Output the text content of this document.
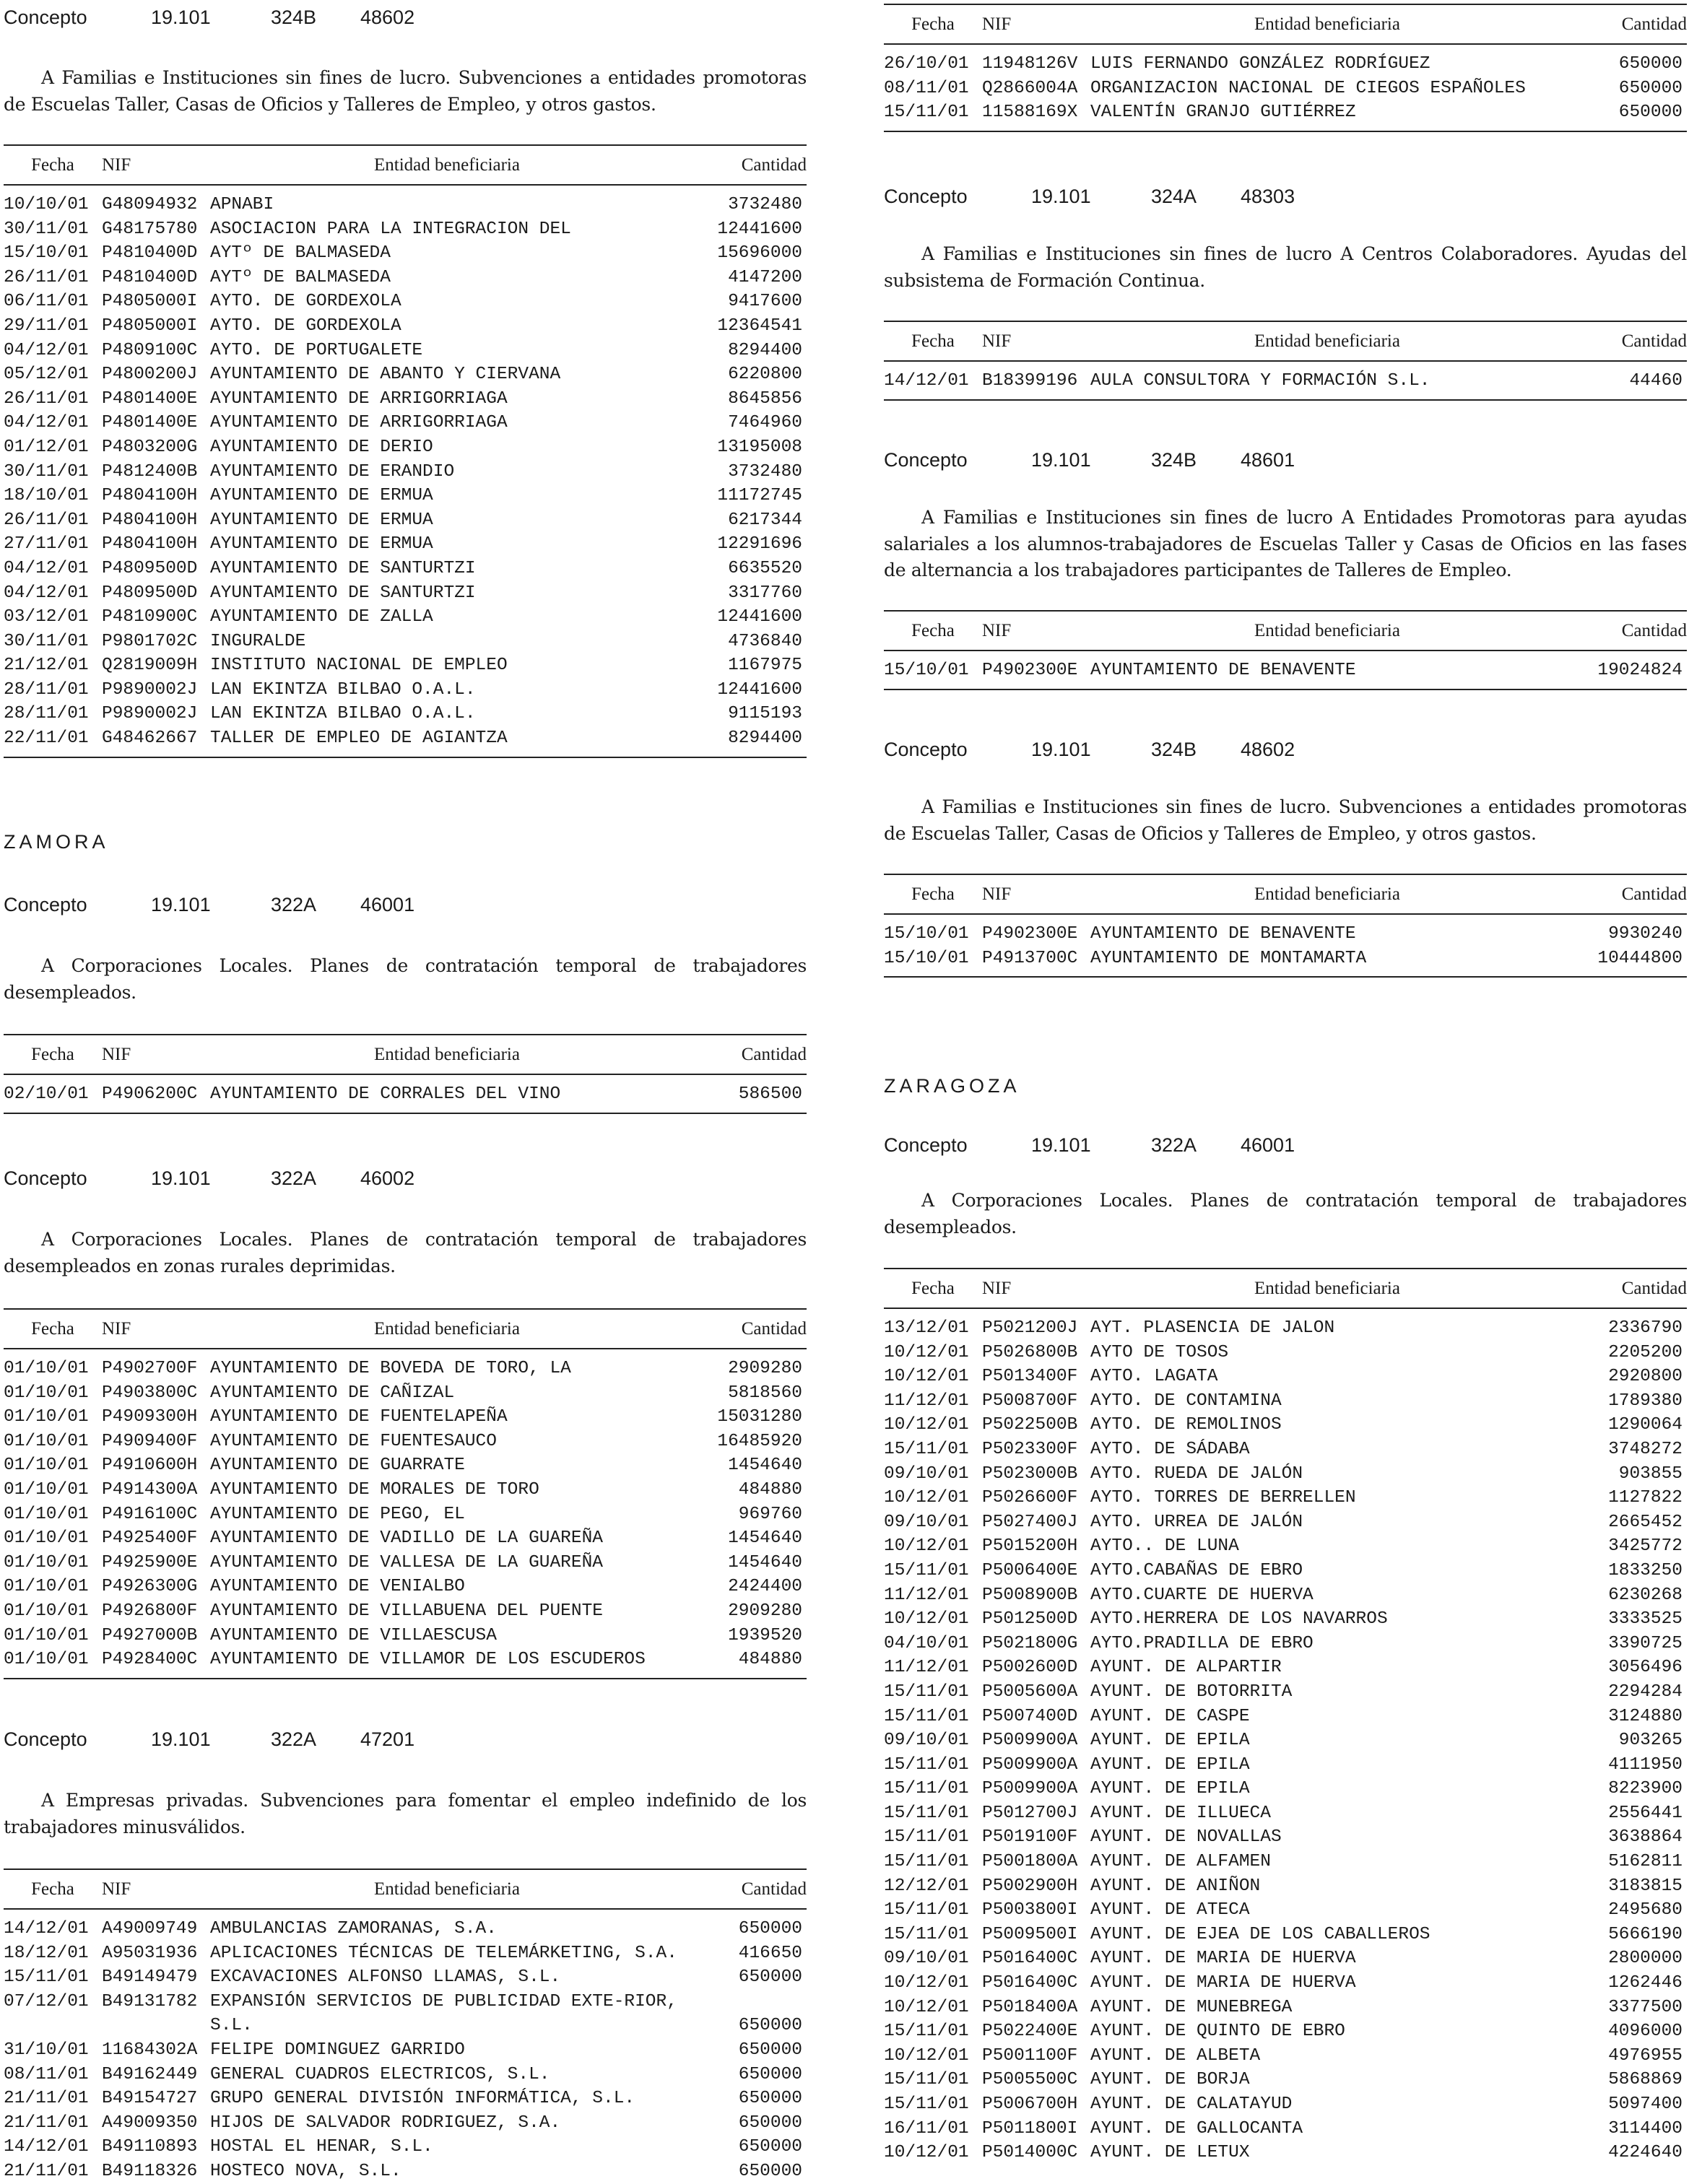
Concepto	19.101	324B 48602
A Familias e Instituciones sin fines de lucro. Subvenciones a entidades promotoras de Escuelas Taller, Casas de Oficios y Talleres de Empleo, y otros gastos.
Fecha	NIF	Entidad beneficiaria	Cantidad

10/10/01	G48094932	APNABI	3732480
30/11/01	G48175780	ASOCIACION PARA LA INTEGRACION DEL	12441600
15/10/01	P4810400D	AYTº DE BALMASEDA	15696000
26/11/01	P4810400D	AYTº DE BALMASEDA	4147200
06/11/01	P4805000I	AYTO. DE GORDEXOLA	9417600
29/11/01	P4805000I	AYTO. DE GORDEXOLA	12364541
04/12/01	P4809100C	AYTO. DE PORTUGALETE	8294400
05/12/01	P4800200J	AYUNTAMIENTO DE ABANTO Y CIERVANA	6220800
26/11/01	P4801400E	AYUNTAMIENTO DE ARRIGORRIAGA	8645856
04/12/01	P4801400E	AYUNTAMIENTO DE ARRIGORRIAGA	7464960
01/12/01	P4803200G	AYUNTAMIENTO DE DERIO	13195008
30/11/01	P4812400B	AYUNTAMIENTO DE ERANDIO	3732480
18/10/01	P4804100H	AYUNTAMIENTO DE ERMUA	11172745
26/11/01	P4804100H	AYUNTAMIENTO DE ERMUA	6217344
27/11/01	P4804100H	AYUNTAMIENTO DE ERMUA	12291696
04/12/01	P4809500D	AYUNTAMIENTO DE SANTURTZI	6635520
04/12/01	P4809500D	AYUNTAMIENTO DE SANTURTZI	3317760
03/12/01	P4810900C	AYUNTAMIENTO DE ZALLA	12441600
30/11/01	P9801702C	INGURALDE	4736840
21/12/01	Q2819009H	INSTITUTO NACIONAL DE EMPLEO	1167975
28/11/01	P9890002J	LAN EKINTZA BILBAO O.A.L.	12441600
28/11/01	P9890002J	LAN EKINTZA BILBAO O.A.L.	9115193
22/11/01	G48462667	TALLER DE EMPLEO DE AGIANTZA	8294400

ZAMORA
Concepto	19.101	322A 46001
A Corporaciones Locales. Planes de contratación temporal de trabajadores desempleados.
Fecha	NIF	Entidad beneficiaria	Cantidad

02/10/01	P4906200C	AYUNTAMIENTO DE CORRALES DEL VINO	586500

Concepto	19.101	322A 46002
A Corporaciones Locales. Planes de contratación temporal de trabajadores desempleados en zonas rurales deprimidas.
Fecha	NIF	Entidad beneficiaria	Cantidad

01/10/01	P4902700F	AYUNTAMIENTO DE BOVEDA DE TORO, LA	2909280
01/10/01	P4903800C	AYUNTAMIENTO DE CAÑIZAL	5818560
01/10/01	P4909300H	AYUNTAMIENTO DE FUENTELAPEÑA	15031280
01/10/01	P4909400F	AYUNTAMIENTO DE FUENTESAUCO	16485920
01/10/01	P4910600H	AYUNTAMIENTO DE GUARRATE	1454640
01/10/01	P4914300A	AYUNTAMIENTO DE MORALES DE TORO	484880
01/10/01	P4916100C	AYUNTAMIENTO DE PEGO, EL	969760
01/10/01	P4925400F	AYUNTAMIENTO DE VADILLO DE LA GUAREÑA	1454640
01/10/01	P4925900E	AYUNTAMIENTO DE VALLESA DE LA GUAREÑA	1454640
01/10/01	P4926300G	AYUNTAMIENTO DE VENIALBO	2424400
01/10/01	P4926800F	AYUNTAMIENTO DE VILLABUENA DEL PUENTE	2909280
01/10/01	P4927000B	AYUNTAMIENTO DE VILLAESCUSA	1939520
01/10/01	P4928400C	AYUNTAMIENTO DE VILLAMOR DE LOS ESCUDEROS	484880

Concepto	19.101	322A 47201
A Empresas privadas. Subvenciones para fomentar el empleo indefinido de los trabajadores minusválidos.
Fecha	NIF	Entidad beneficiaria	Cantidad

14/12/01	A49009749	AMBULANCIAS ZAMORANAS, S.A.	650000
18/12/01	A95031936	APLICACIONES TÉCNICAS DE TELEMÁRKETING, S.A.	416650
15/11/01	B49149479	EXCAVACIONES ALFONSO LLAMAS, S.L.	650000
07/12/01	B49131782	EXPANSIÓN SERVICIOS DE PUBLICIDAD EXTE-RIOR, S.L.	650000
31/10/01	11684302A	FELIPE DOMINGUEZ GARRIDO	650000
08/11/01	B49162449	GENERAL CUADROS ELECTRICOS, S.L.	650000
21/11/01	B49154727	GRUPO GENERAL DIVISIÓN INFORMÁTICA, S.L.	650000
21/11/01	A49009350	HIJOS DE SALVADOR RODRIGUEZ, S.A.	650000
14/12/01	B49110893	HOSTAL EL HENAR, S.L.	650000
21/11/01	B49118326	HOSTECO NOVA, S.L.	650000
Fecha	NIF	Entidad beneficiaria	Cantidad

26/10/01	11948126V	LUIS FERNANDO GONZÁLEZ RODRÍGUEZ	650000
08/11/01	Q2866004A	ORGANIZACION NACIONAL DE CIEGOS ESPAÑOLES	650000
15/11/01	11588169X	VALENTÍN GRANJO GUTIÉRREZ	650000

Concepto	19.101	324A 48303
A Familias e Instituciones sin fines de lucro A Centros Colaboradores. Ayudas del subsistema de Formación Continua.
Fecha	NIF	Entidad beneficiaria	Cantidad

14/12/01	B18399196	AULA CONSULTORA Y FORMACIÓN S.L.	44460

Concepto	19.101	324B 48601
A Familias e Instituciones sin fines de lucro A Entidades Promotoras para ayudas salariales a los alumnos-trabajadores de Escuelas Taller y Casas de Oficios en las fases de alternancia a los trabajadores participantes de Talleres de Empleo.
Fecha	NIF	Entidad beneficiaria	Cantidad

15/10/01	P4902300E	AYUNTAMIENTO DE BENAVENTE	19024824

Concepto	19.101	324B 48602
A Familias e Instituciones sin fines de lucro. Subvenciones a entidades promotoras de Escuelas Taller, Casas de Oficios y Talleres de Empleo, y otros gastos.
Fecha	NIF	Entidad beneficiaria	Cantidad

15/10/01	P4902300E	AYUNTAMIENTO DE BENAVENTE	9930240
15/10/01	P4913700C	AYUNTAMIENTO DE MONTAMARTA	10444800

ZARAGOZA
Concepto	19.101	322A 46001
A Corporaciones Locales. Planes de contratación temporal de trabajadores desempleados.
Fecha	NIF	Entidad beneficiaria	Cantidad

13/12/01	P5021200J	AYT. PLASENCIA DE JALON	2336790
10/12/01	P5026800B	AYTO DE TOSOS	2205200
10/12/01	P5013400F	AYTO. LAGATA	2920800
11/12/01	P5008700F	AYTO. DE CONTAMINA	1789380
10/12/01	P5022500B	AYTO. DE REMOLINOS	1290064
15/11/01	P5023300F	AYTO. DE SÁDABA	3748272
09/10/01	P5023000B	AYTO. RUEDA DE JALÓN	903855
10/12/01	P5026600F	AYTO. TORRES DE BERRELLEN	1127822
09/10/01	P5027400J	AYTO. URREA DE JALÓN	2665452
10/12/01	P5015200H	AYTO.. DE LUNA	3425772
15/11/01	P5006400E	AYTO.CABAÑAS DE EBRO	1833250
11/12/01	P5008900B	AYTO.CUARTE DE HUERVA	6230268
10/12/01	P5012500D	AYTO.HERRERA DE LOS NAVARROS	3333525
04/10/01	P5021800G	AYTO.PRADILLA DE EBRO	3390725
11/12/01	P5002600D	AYUNT. DE ALPARTIR	3056496
15/11/01	P5005600A	AYUNT. DE BOTORRITA	2294284
15/11/01	P5007400D	AYUNT. DE CASPE	3124880
09/10/01	P5009900A	AYUNT. DE EPILA	903265
15/11/01	P5009900A	AYUNT. DE EPILA	4111950
15/11/01	P5009900A	AYUNT. DE EPILA	8223900
15/11/01	P5012700J	AYUNT. DE ILLUECA	2556441
15/11/01	P5019100F	AYUNT. DE NOVALLAS	3638864
15/11/01	P5001800A	AYUNT. DE ALFAMEN	5162811
12/12/01	P5002900H	AYUNT. DE ANIÑON	3183815
15/11/01	P5003800I	AYUNT. DE ATECA	2495680
15/11/01	P5009500I	AYUNT. DE EJEA DE LOS CABALLEROS	5666190
09/10/01	P5016400C	AYUNT. DE MARIA DE HUERVA	2800000
10/12/01	P5016400C	AYUNT. DE MARIA DE HUERVA	1262446
10/12/01	P5018400A	AYUNT. DE MUNEBREGA	3377500
15/11/01	P5022400E	AYUNT. DE QUINTO DE EBRO	4096000
10/12/01	P5001100F	AYUNT. DE ALBETA	4976955
15/11/01	P5005500C	AYUNT. DE BORJA	5868869
15/11/01	P5006700H	AYUNT. DE CALATAYUD	5097400
16/11/01	P5011800I	AYUNT. DE GALLOCANTA	3114400
10/12/01	P5014000C	AYUNT. DE LETUX	4224640
